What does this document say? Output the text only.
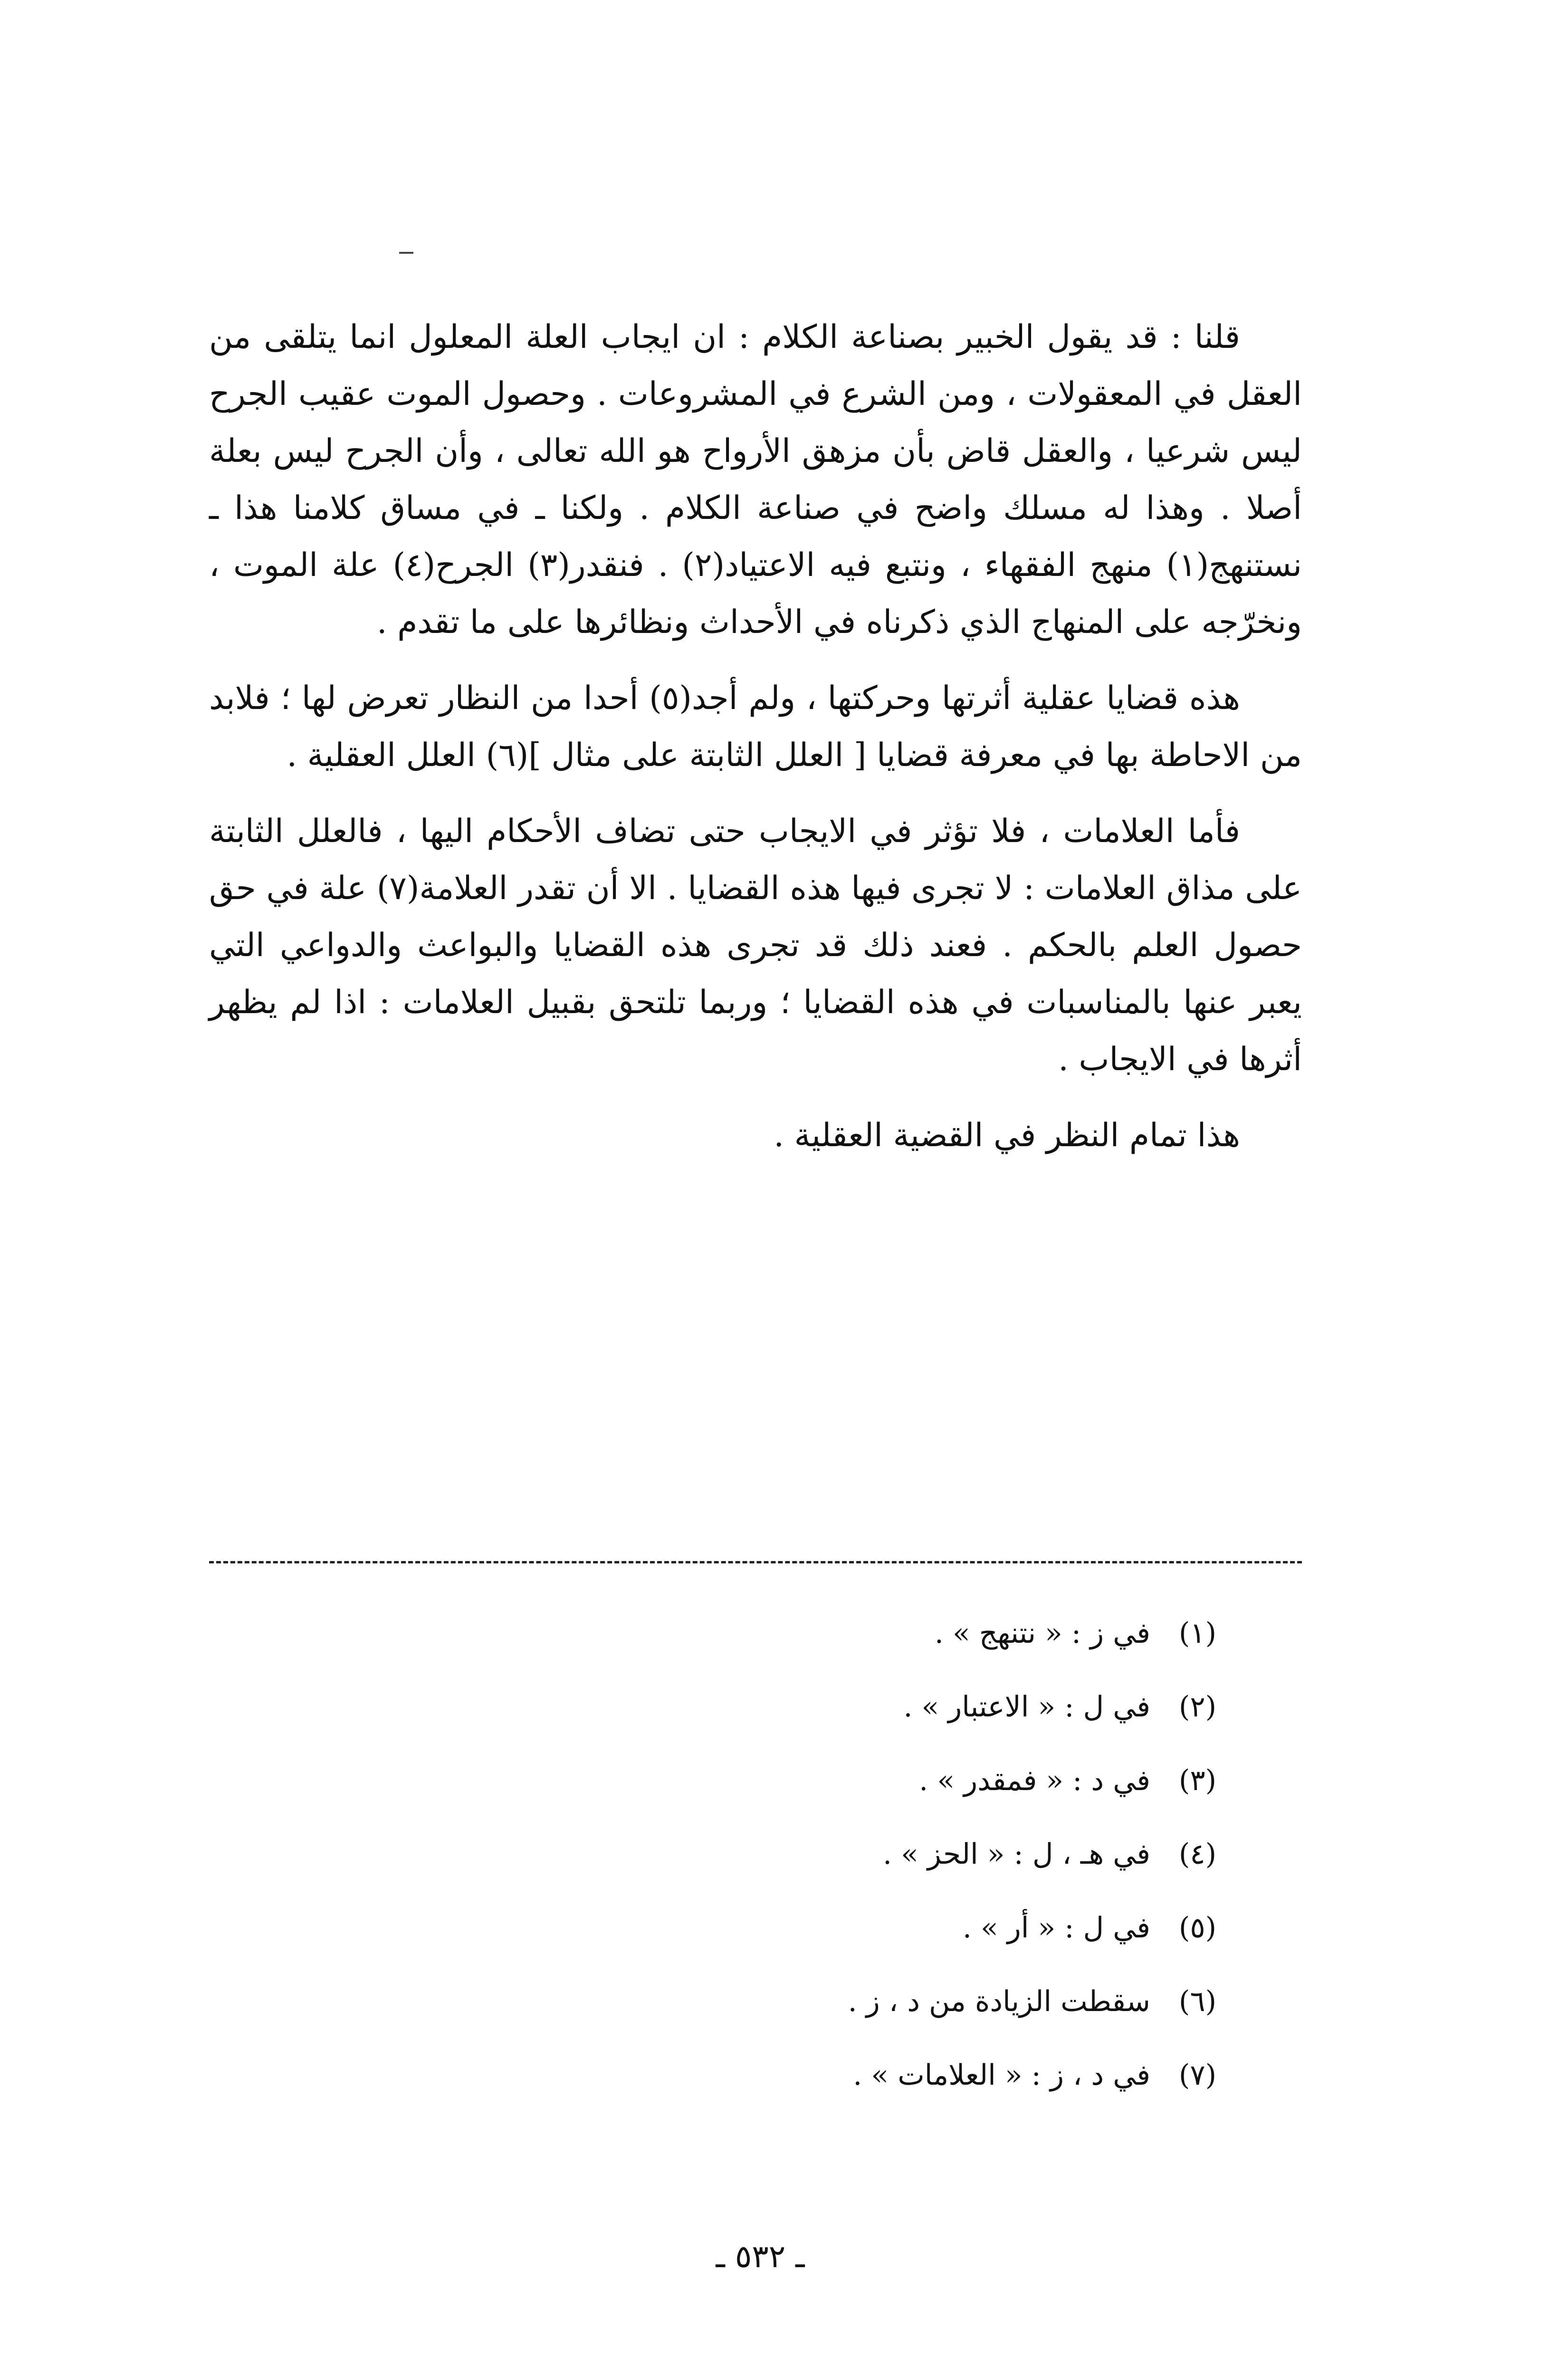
قلنا : قد يقول الخبير بصناعة الكلام : ان ايجاب العلة المعلول انما يتلقى من العقل في المعقولات ، ومن الشرع في المشروعات . وحصول الموت عقيب الجرح ليس شرعيا ، والعقل قاض بأن مزهق الأرواح هو الله تعالى ، وأن الجرح ليس بعلة أصلا . وهذا له مسلك واضح في صناعة الكلام . ولكنا ـ في مساق كلامنا هذا ـ نستنهج(١) منهج الفقهاء ، ونتبع فيه الاعتياد(٢) . فنقدر(٣) الجرح(٤) علة الموت ، ونخرّجه على المنهاج الذي ذكرناه في الأحداث ونظائرها على ما تقدم .

هذه قضايا عقلية أثرتها وحركتها ، ولم أجد(٥) أحدا من النظار تعرض لها ؛ فلابد من الاحاطة بها في معرفة قضايا [ العلل الثابتة على مثال ](٦) العلل العقلية .

فأما العلامات ، فلا تؤثر في الايجاب حتى تضاف الأحكام اليها ، فالعلل الثابتة على مذاق العلامات : لا تجرى فيها هذه القضايا . الا أن تقدر العلامة(٧) علة في حق حصول العلم بالحكم . فعند ذلك قد تجرى هذه القضايا والبواعث والدواعي التي يعبر عنها بالمناسبات في هذه القضايا ؛ وربما تلتحق بقبيل العلامات : اذا لم يظهر أثرها في الايجاب .

هذا تمام النظر في القضية العقلية .

(١) في ز : « نتنهج » .
(٢) في ل : « الاعتبار » .
(٣) في د : « فمقدر » .
(٤) في هـ ، ل : « الحز » .
(٥) في ل : « أر » .
(٦) سقطت الزيادة من د ، ز .
(٧) في د ، ز : « العلامات » .
ـ ٥٣٢ ـ
